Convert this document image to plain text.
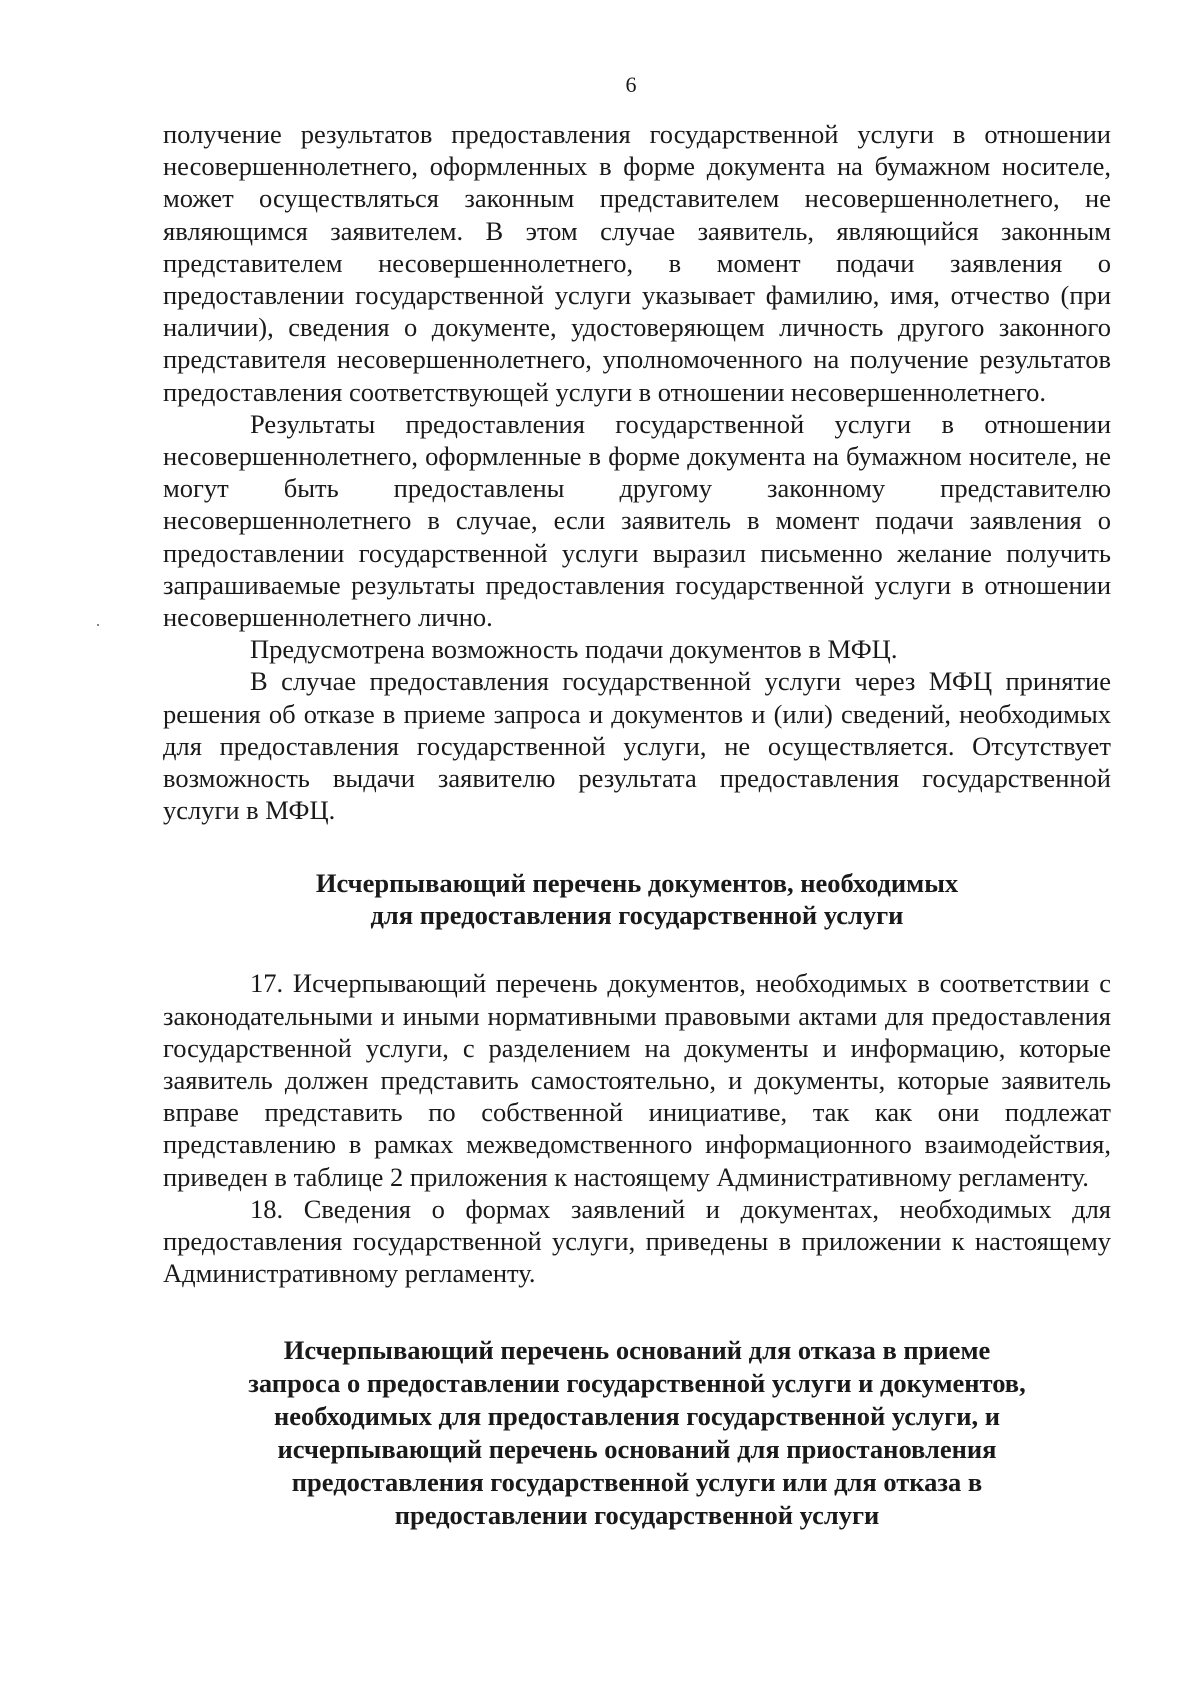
6

получение результатов предоставления государственной услуги в отношении несовершеннолетнего, оформленных в форме документа на бумажном носителе, может осуществляться законным представителем несовершеннолетнего, не являющимся заявителем. В этом случае заявитель, являющийся законным представителем несовершеннолетнего, в момент подачи заявления о предоставлении государственной услуги указывает фамилию, имя, отчество (при наличии), сведения о документе, удостоверяющем личность другого законного представителя несовершеннолетнего, уполномоченного на получение результатов предоставления соответствующей услуги в отношении несовершеннолетнего.

Результаты предоставления государственной услуги в отношении несовершеннолетнего, оформленные в форме документа на бумажном носителе, не могут быть предоставлены другому законному представителю несовершеннолетнего в случае, если заявитель в момент подачи заявления о предоставлении государственной услуги выразил письменно желание получить запрашиваемые результаты предоставления государственной услуги в отношении несовершеннолетнего лично.

Предусмотрена возможность подачи документов в МФЦ.

В случае предоставления государственной услуги через МФЦ принятие решения об отказе в приеме запроса и документов и (или) сведений, необходимых для предоставления государственной услуги, не осуществляется. Отсутствует возможность выдачи заявителю результата предоставления государственной услуги в МФЦ.

Исчерпывающий перечень документов, необходимых
для предоставления государственной услуги

17. Исчерпывающий перечень документов, необходимых в соответствии с законодательными и иными нормативными правовыми актами для предоставления государственной услуги, с разделением на документы и информацию, которые заявитель должен представить самостоятельно, и документы, которые заявитель вправе представить по собственной инициативе, так как они подлежат представлению в рамках межведомственного информационного взаимодействия, приведен в таблице 2 приложения к настоящему Административному регламенту.

18. Сведения о формах заявлений и документах, необходимых для предоставления государственной услуги, приведены в приложении к настоящему Административному регламенту.

Исчерпывающий перечень оснований для отказа в приеме
запроса о предоставлении государственной услуги и документов,
необходимых для предоставления государственной услуги, и
исчерпывающий перечень оснований для приостановления
предоставления государственной услуги или для отказа в
предоставлении государственной услуги
